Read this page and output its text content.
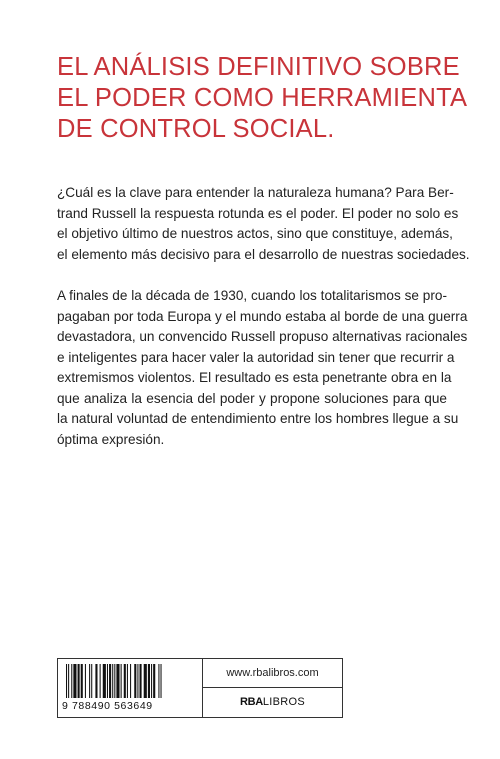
EL ANÁLISIS DEFINITIVO SOBRE
EL PODER COMO HERRAMIENTA
DE CONTROL SOCIAL.

¿Cuál es la clave para entender la naturaleza humana? Para Ber-
trand Russell la respuesta rotunda es el poder. El poder no solo es
el objetivo último de nuestros actos, sino que constituye, además,
el elemento más decisivo para el desarrollo de nuestras sociedades.

A finales de la década de 1930, cuando los totalitarismos se pro-
pagaban por toda Europa y el mundo estaba al borde de una guerra
devastadora, un convencido Russell propuso alternativas racionales
e inteligentes para hacer valer la autoridad sin tener que recurrir a
extremismos violentos. El resultado es esta penetrante obra en la
que analiza la esencia del poder y propone soluciones para que
la natural voluntad de entendimiento entre los hombres llegue a su
óptima expresión.

9 788490 563649
www.rbalibros.com
RBALIBROS
